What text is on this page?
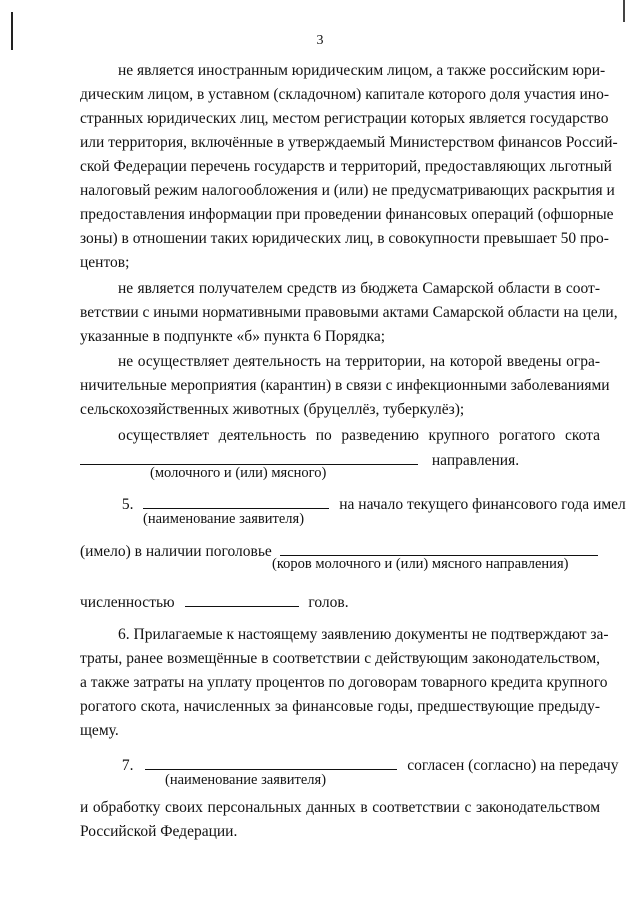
3
не является иностранным юридическим лицом, а также российским юри-
дическим лицом, в уставном (складочном) капитале которого доля участия ино-
странных юридических лиц, местом регистрации которых является государство
или территория, включённые в утверждаемый Министерством финансов Россий-
ской Федерации перечень государств и территорий, предоставляющих льготный
налоговый режим налогообложения и (или) не предусматривающих раскрытия и
предоставления информации при проведении финансовых операций (офшорные
зоны) в отношении таких юридических лиц, в совокупности превышает 50 про-
центов;
не является получателем средств из бюджета Самарской области в соот-
ветствии с иными нормативными правовыми актами Самарской области на цели,
указанные в подпункте «б» пункта 6 Порядка;
не осуществляет деятельность на территории, на которой введены огра-
ничительные мероприятия (карантин) в связи с инфекционными заболеваниями
сельскохозяйственных животных (бруцеллёз, туберкулёз);
осуществляет деятельность по разведению крупного рогатого скота
направления.
(молочного и (или) мясного)
5.	на начало текущего финансового года имел
(наименование заявителя)
(имело) в наличии поголовье
(коров молочного и (или) мясного направления)
численностью	голов.
6. Прилагаемые к настоящему заявлению документы не подтверждают за-
траты, ранее возмещённые в соответствии с действующим законодательством,
а также затраты на уплату процентов по договорам товарного кредита крупного
рогатого скота, начисленных за финансовые годы, предшествующие предыду-
щему.
7.	согласен (согласно) на передачу
(наименование заявителя)
и обработку своих персональных данных в соответствии с законодательством
Российской Федерации.
